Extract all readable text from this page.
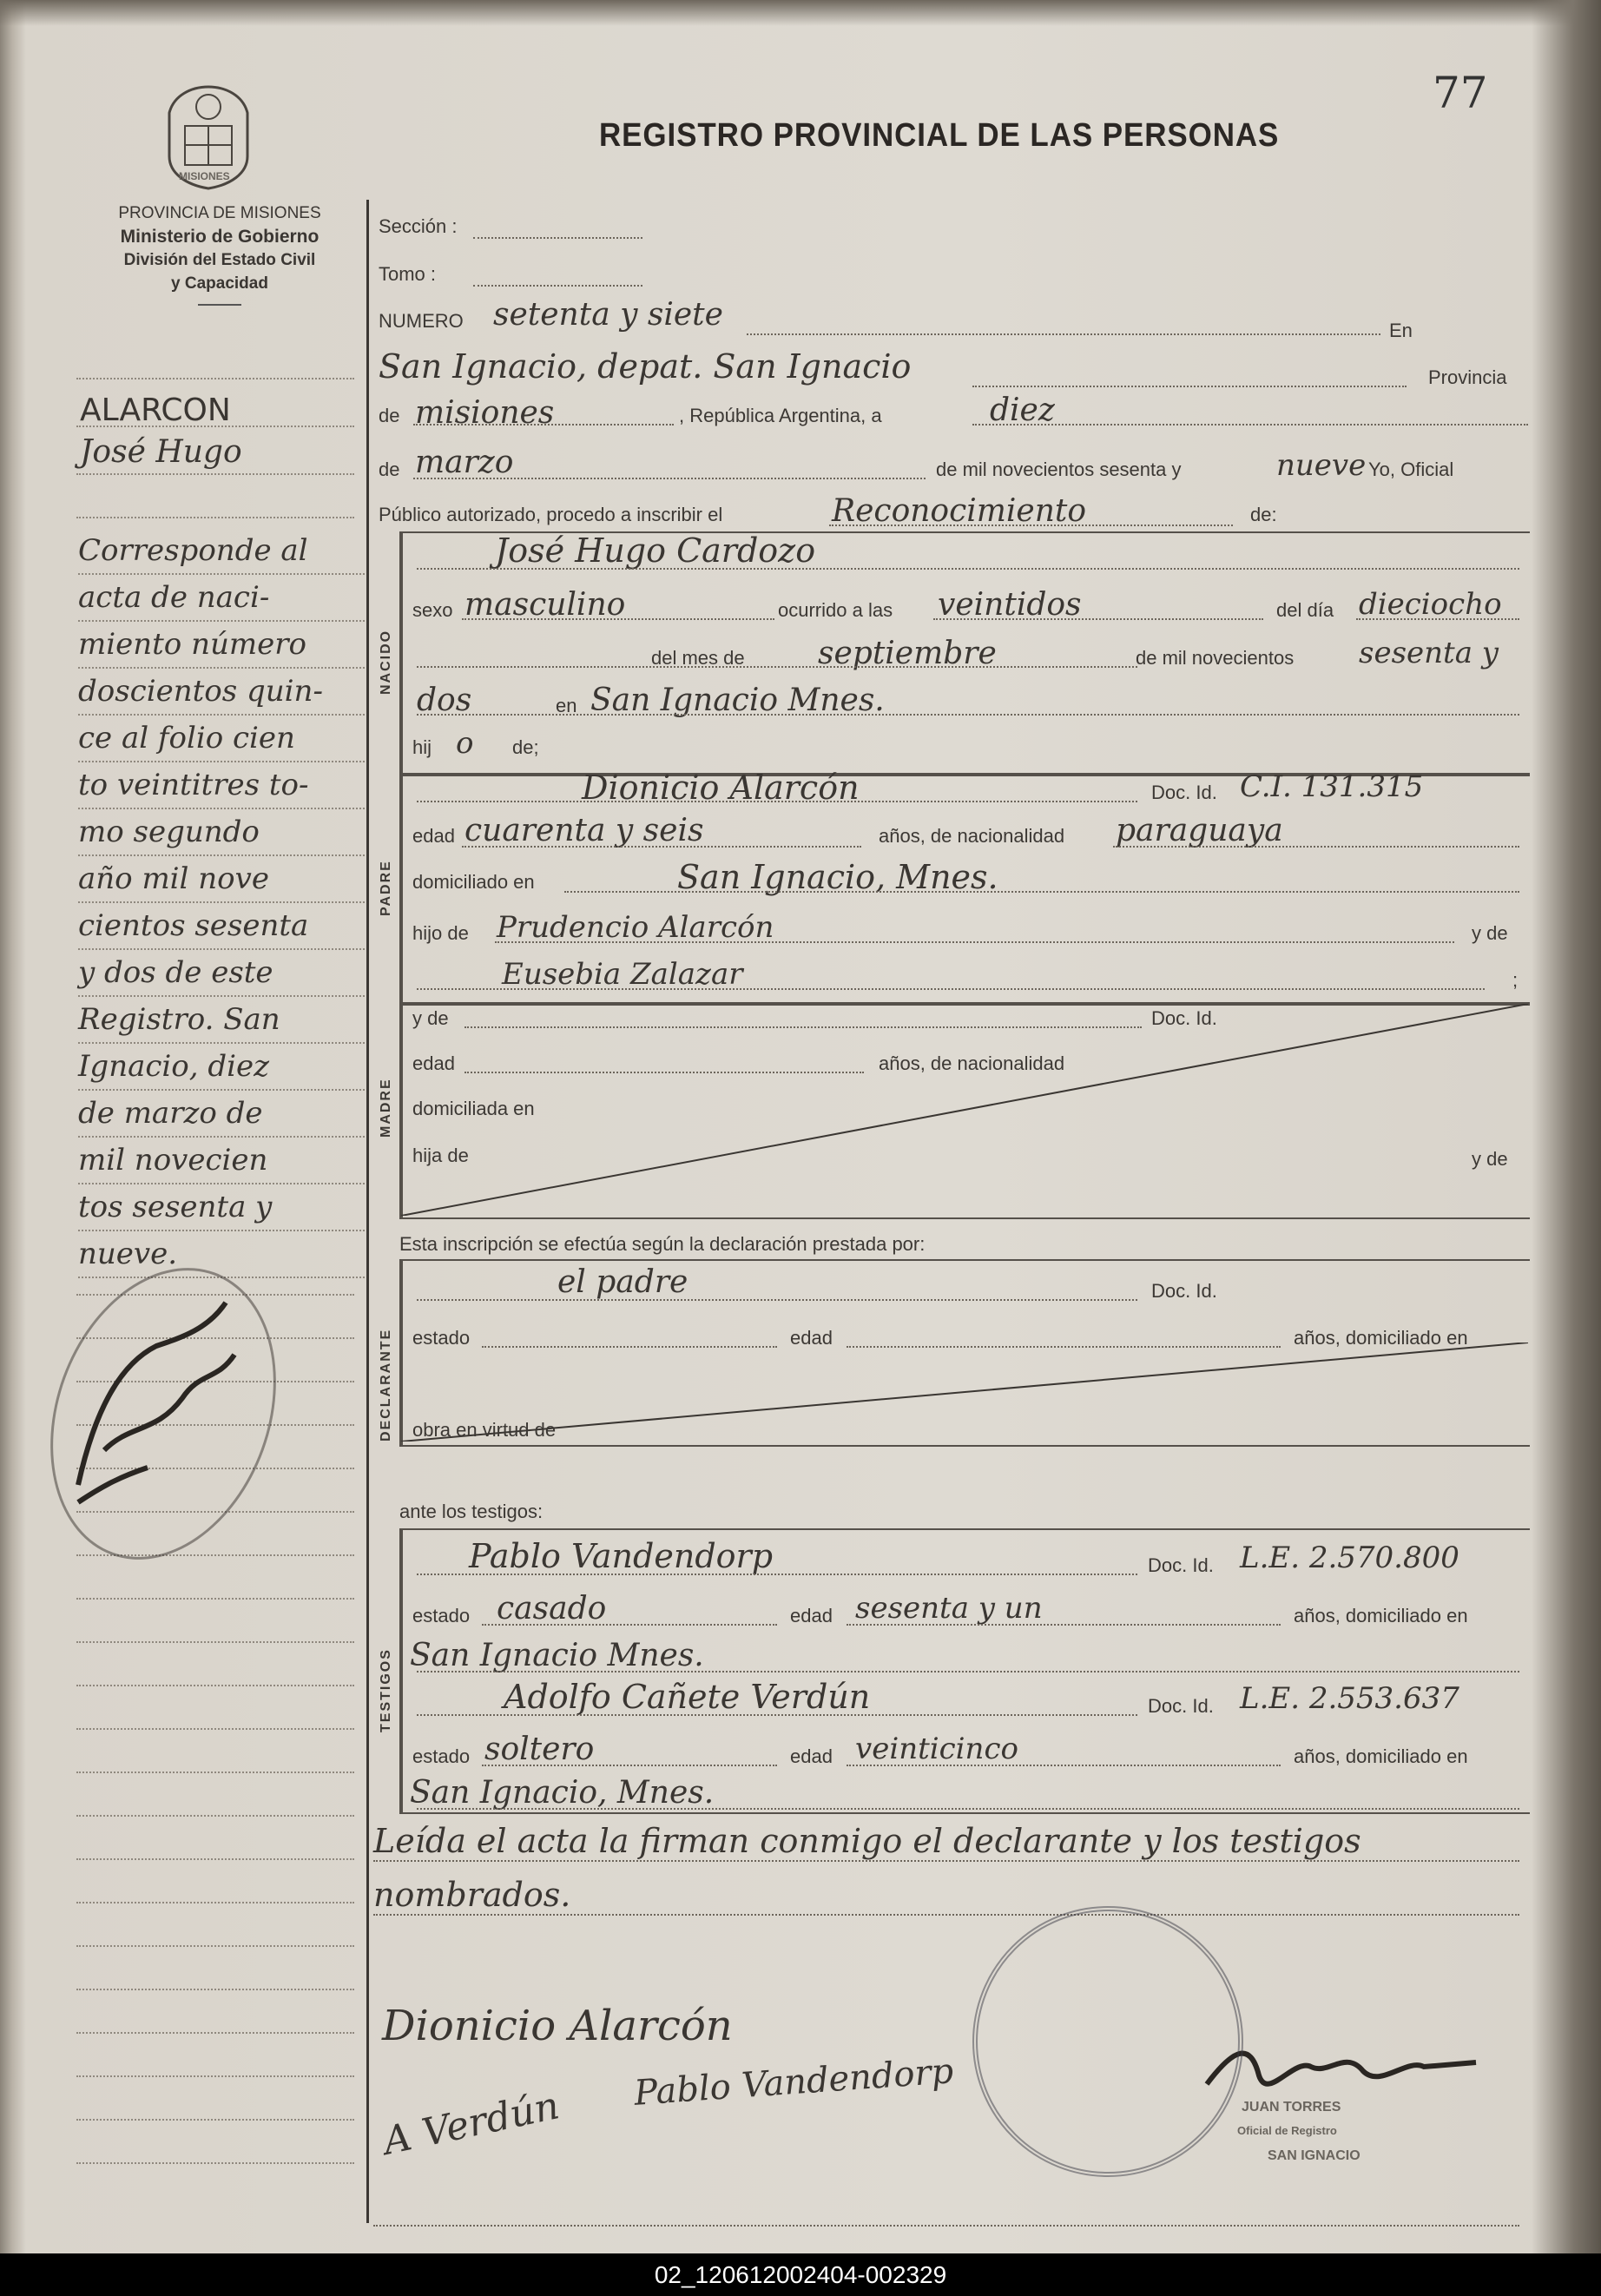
77
REGISTRO PROVINCIAL DE LAS PERSONAS
MISIONES
PROVINCIA DE MISIONES
Ministerio de Gobierno
División del Estado Civil
y Capacidad
ALARCON
José Hugo
Corresponde al
acta de naci-
miento número
doscientos quin-
ce al folio cien
to veintitres to-
mo segundo
año mil nove
cientos sesenta
y dos de este
Registro. San
Ignacio, diez
de marzo de
mil novecien
tos sesenta y
nueve.
Sección :
Tomo :
NUMERO setenta y siete	En
San Ignacio, depat. San Ignacio	Provincia
de misiones	, República Argentina, a	diez
de marzo	de mil novecientos sesenta y	nueve Yo, Oficial
Público autorizado, procedo a inscribir el	Reconocimiento	de:
NACIDO
José Hugo Cardozo
sexo masculino	ocurrido a las veintidos	del día dieciocho
del mes de septiembre	de mil novecientos sesenta y
dos	en San Ignacio Mnes.
hij o de;
PADRE
Dionicio Alarcón	Doc. Id. C.I. 131.315
edad cuarenta y seis	años, de nacionalidad paraguaya
domiciliado en	San Ignacio, Mnes.
hijo de Prudencio Alarcón	y de
Eusebia Zalazar	;
MADRE
y de	Doc. Id.
edad	años, de nacionalidad
domiciliada en
hija de	y de
Esta inscripción se efectúa según la declaración prestada por:
DECLARANTE
el padre	Doc. Id.
estado	edad	años, domiciliado en
obra en virtud de
ante los testigos:
TESTIGOS
Pablo Vandendorp	Doc. Id. L.E. 2.570.800
estado casado	edad sesenta y un	años, domiciliado en
San Ignacio Mnes.
Adolfo Cañete Verdún	Doc. Id. L.E. 2.553.637
estado soltero	edad veinticinco	años, domiciliado en
San Ignacio, Mnes.
Leída el acta la firman conmigo el declarante y los testigos
nombrados.
Dionicio Alarcón
Pablo Vandendorp
A Verdún	JUAN TORRES
Oficial de Registro
SAN IGNACIO
02_120612002404-002329
